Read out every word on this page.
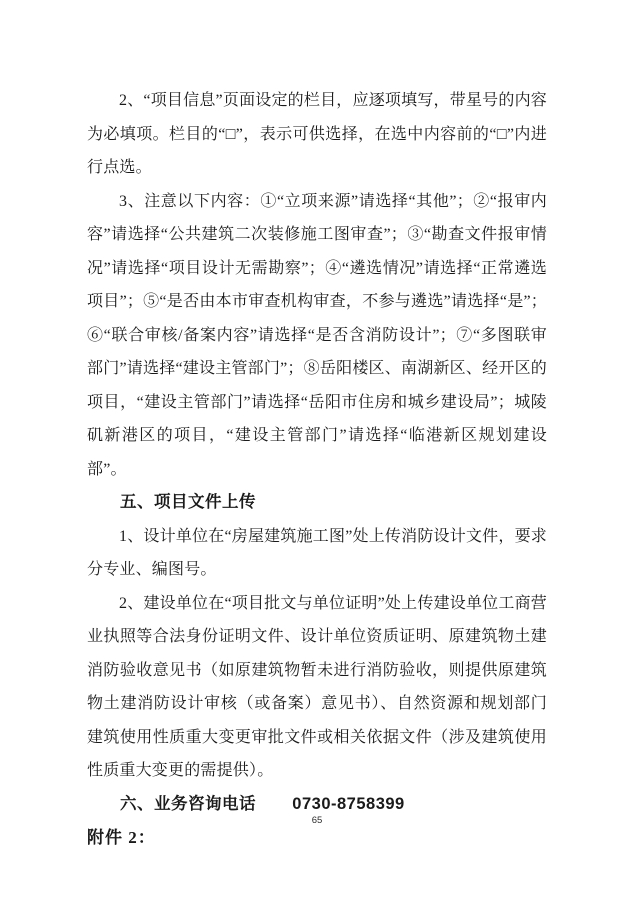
2、“项目信息”页面设定的栏目，应逐项填写，带星号的内容为必填项。栏目的“□”，表示可供选择，在选中内容前的“□”内进行点选。

3、注意以下内容：①“立项来源”请选择“其他”；②“报审内容”请选择“公共建筑二次装修施工图审查”；③“勘查文件报审情况”请选择“项目设计无需勘察”；④“遴选情况”请选择“正常遴选项目”；⑤“是否由本市审查机构审查，不参与遴选”请选择“是”；⑥“联合审核/备案内容”请选择“是否含消防设计”；⑦“多图联审部门”请选择“建设主管部门”；⑧岳阳楼区、南湖新区、经开区的项目，“建设主管部门”请选择“岳阳市住房和城乡建设局”；城陵矶新港区的项目，“建设主管部门”请选择“临港新区规划建设部”。

五、项目文件上传

1、设计单位在“房屋建筑施工图”处上传消防设计文件，要求分专业、编图号。

2、建设单位在“项目批文与单位证明”处上传建设单位工商营业执照等合法身份证明文件、设计单位资质证明、原建筑物土建消防验收意见书（如原建筑物暂未进行消防验收，则提供原建筑物土建消防设计审核（或备案）意见书）、自然资源和规划部门建筑使用性质重大变更审批文件或相关依据文件（涉及建筑使用性质重大变更的需提供）。

六、业务咨询电话 0730-8758399

附件 2：

65
